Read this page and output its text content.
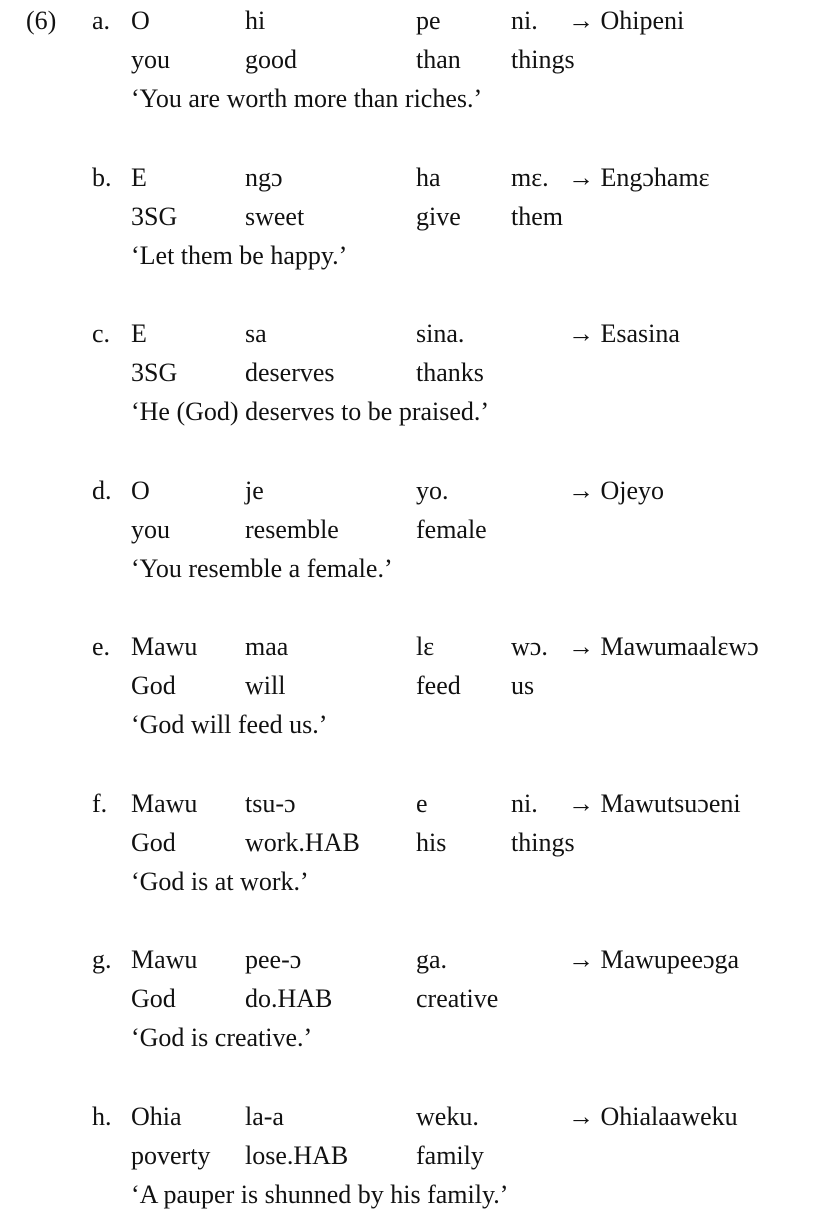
(6) a. O
you
hi
good
pe
than
ni.
things
→ Ohipeni
‘You are worth more than riches.’
b. E
3SG
ngɔ
sweet
ha
give
mɛ.
them
→ Engɔhamɛ
‘Let them be happy.’
c. E
3SG
sa
deserves
sina.
thanks
→ Esasina
‘He (God) deserves to be praised.’
d. O
you
je
resemble
yo.
female
→ Ojeyo
‘You resemble a female.’
e. Mawu
God
maa
will
lɛ
feed
wɔ.
us
→ Mawumaalɛwɔ
‘God will feed us.’
f. Mawu
God
tsu-ɔ
work.HAB
e
his
ni.
things
→ Mawutsuɔeni
‘God is at work.’
g. Mawu
God
pee-ɔ
do.HAB
ga.
creative
→ Mawupeeɔga
‘God is creative.’
h. Ohia
poverty
la-a
lose.HAB
weku.
family
→ Ohialaaweku
‘A pauper is shunned by his family.’
